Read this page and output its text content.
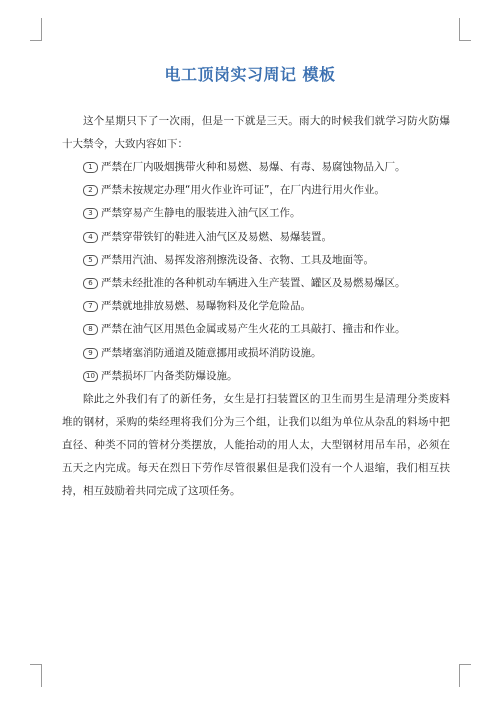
电工顶岗实习周记 模板

这个星期只下了一次雨，但是一下就是三天。雨大的时候我们就学习防火防爆十大禁令，大致内容如下：

1 严禁在厂内吸烟携带火种和易燃、易爆、有毒、易腐蚀物品入厂。
2 严禁未按规定办理“用火作业许可证”，在厂内进行用火作业。
3 严禁穿易产生静电的服装进入油气区工作。
4 严禁穿带铁钉的鞋进入油气区及易燃、易爆装置。
5 严禁用汽油、易挥发溶剂擦洗设备、衣物、工具及地面等。
6 严禁未经批准的各种机动车辆进入生产装置、罐区及易燃易爆区。
7 严禁就地排放易燃、易曝物料及化学危险品。
8 严禁在油气区用黑色金属或易产生火花的工具敲打、撞击和作业。
9 严禁堵塞消防通道及随意挪用或损坏消防设施。
10 严禁损坏厂内备类防爆设施。

除此之外我们有了的新任务，女生是打扫装置区的卫生而男生是清理分类废料堆的钢材，采购的柴经理将我们分为三个组，让我们以组为单位从杂乱的料场中把直径、种类不同的管材分类摆放，人能抬动的用人太，大型钢材用吊车吊，必须在五天之内完成。每天在烈日下劳作尽管很累但是我们没有一个人退缩，我们相互扶持，相互鼓励着共同完成了这项任务。
